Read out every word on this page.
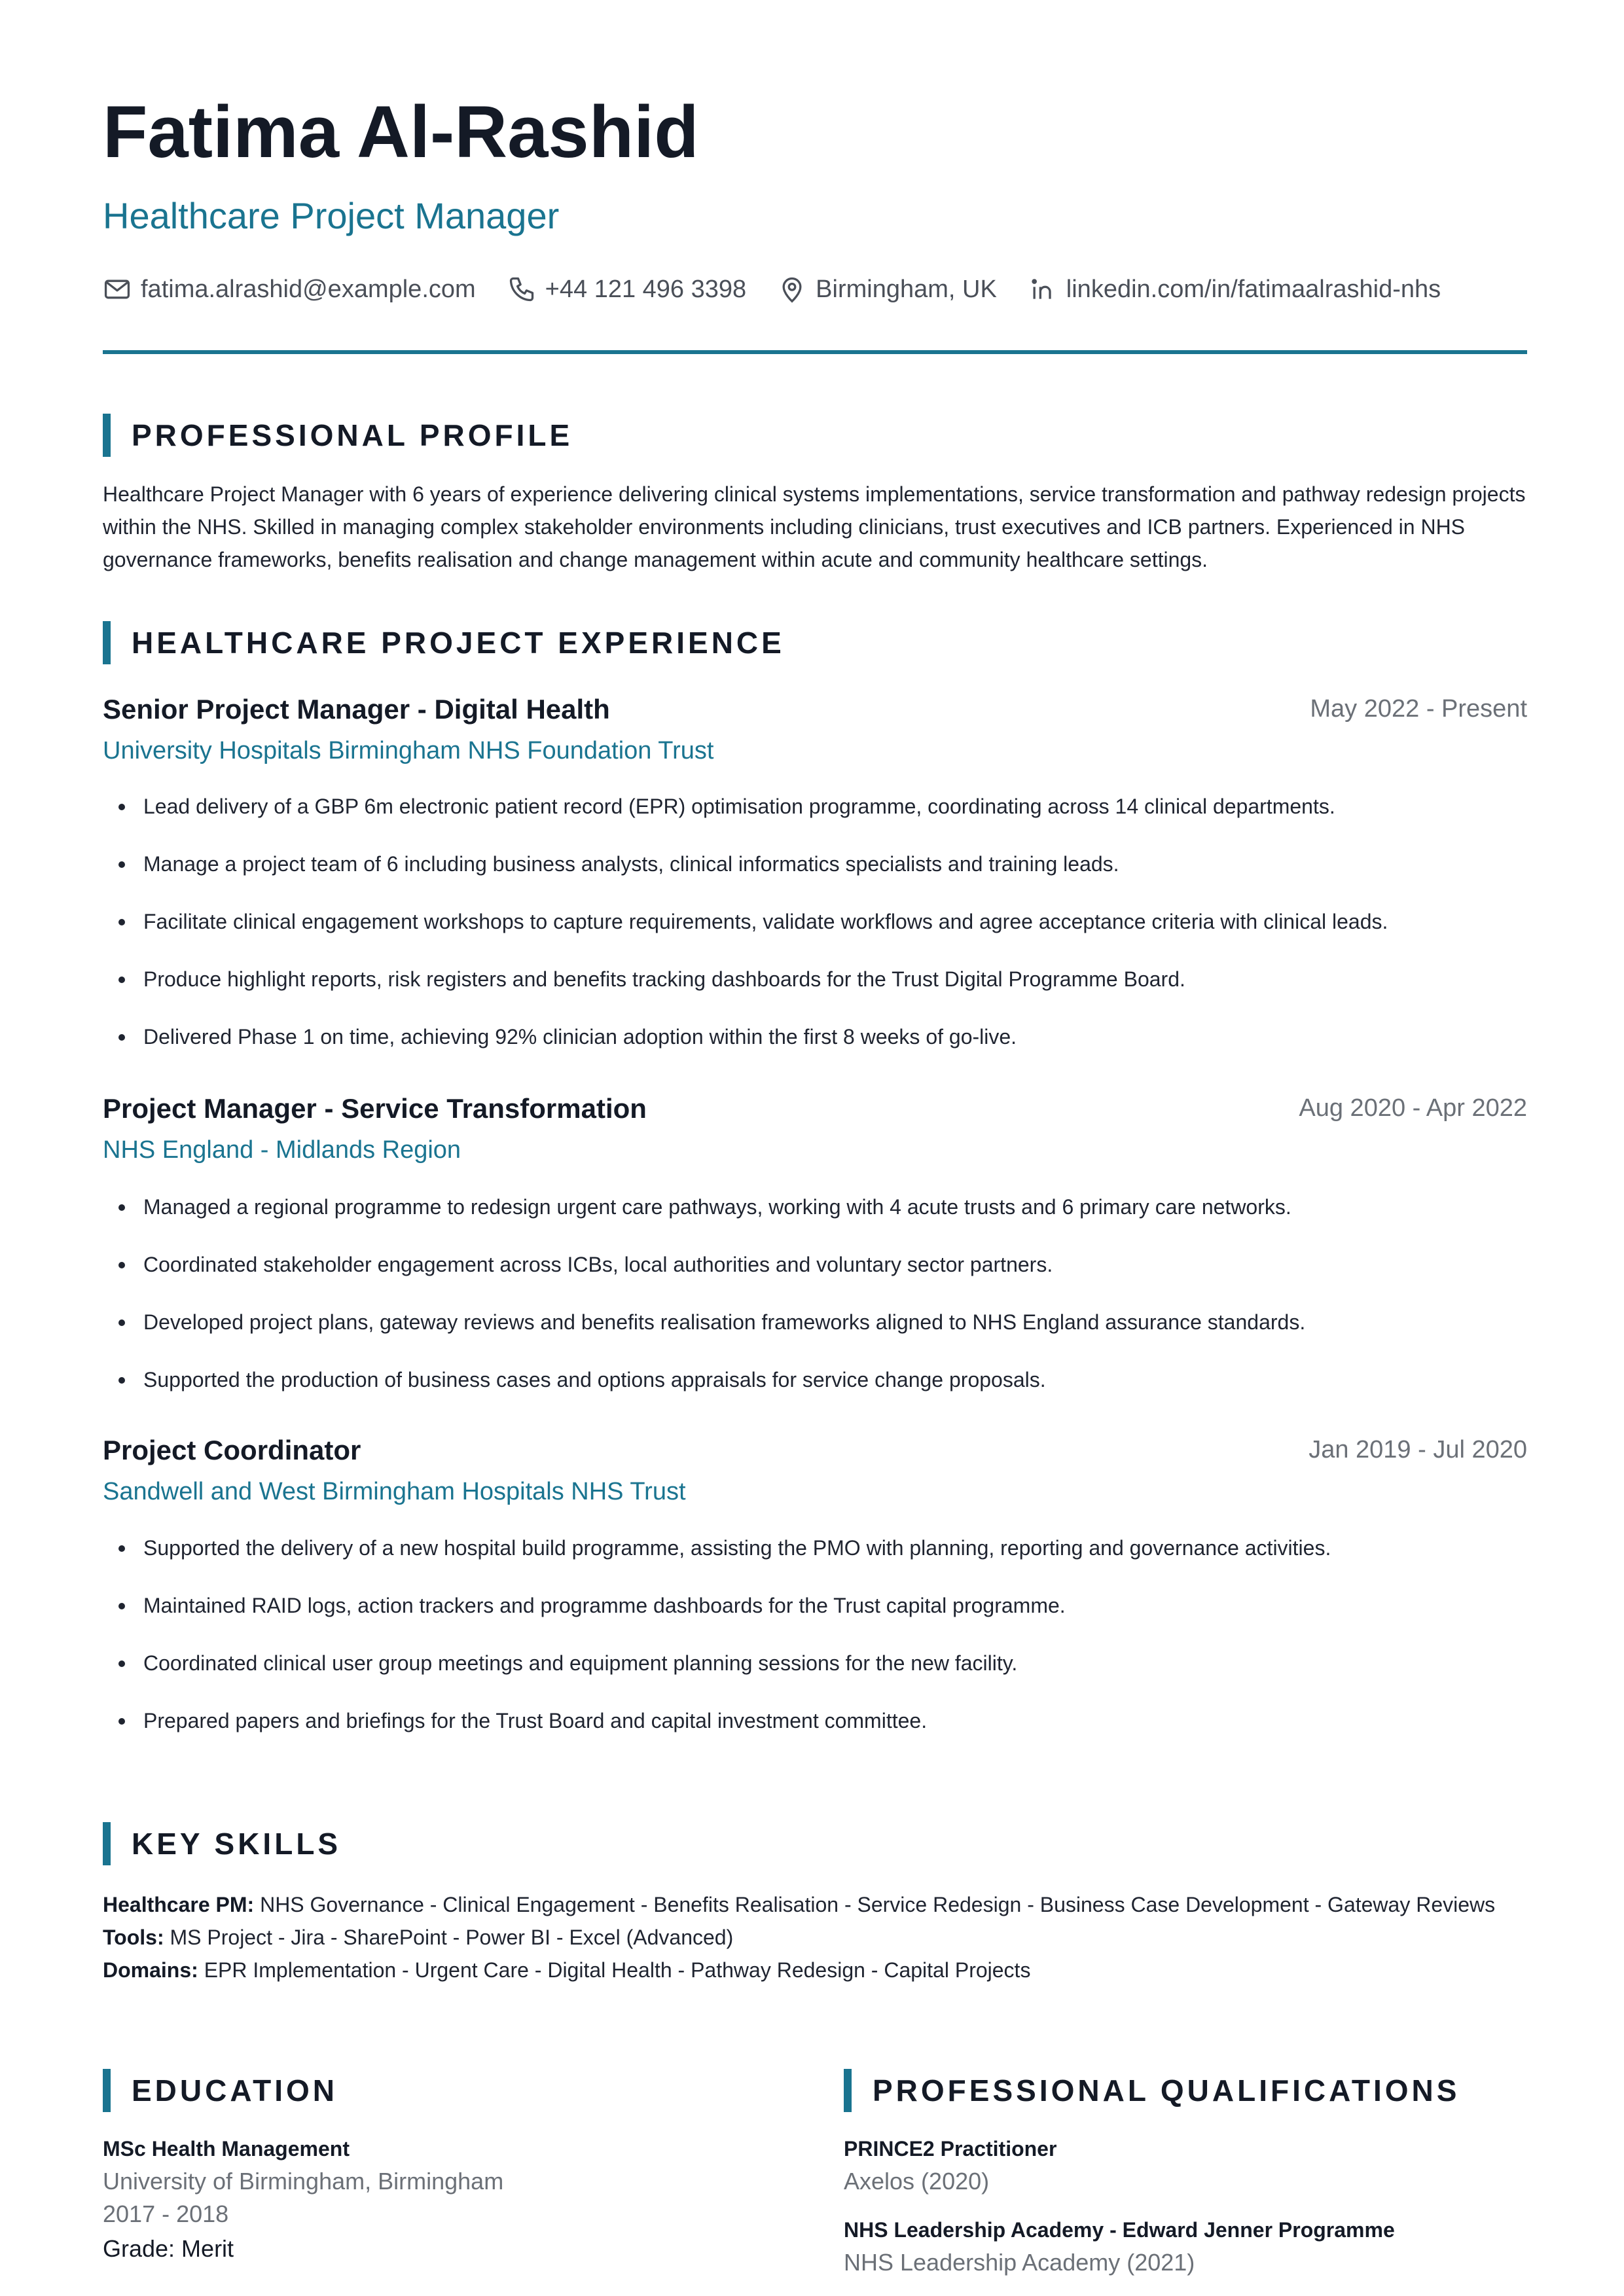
Fatima Al-Rashid
Healthcare Project Manager
fatima.alrashid@example.com	+44 121 496 3398	Birmingham, UK	linkedin.com/in/fatimaalrashid-nhs
PROFESSIONAL PROFILE
Healthcare Project Manager with 6 years of experience delivering clinical systems implementations, service transformation and pathway redesign projects within the NHS. Skilled in managing complex stakeholder environments including clinicians, trust executives and ICB partners. Experienced in NHS governance frameworks, benefits realisation and change management within acute and community healthcare settings.
HEALTHCARE PROJECT EXPERIENCE
Senior Project Manager - Digital Health	May 2022 - Present
University Hospitals Birmingham NHS Foundation Trust
Lead delivery of a GBP 6m electronic patient record (EPR) optimisation programme, coordinating across 14 clinical departments.
Manage a project team of 6 including business analysts, clinical informatics specialists and training leads.
Facilitate clinical engagement workshops to capture requirements, validate workflows and agree acceptance criteria with clinical leads.
Produce highlight reports, risk registers and benefits tracking dashboards for the Trust Digital Programme Board.
Delivered Phase 1 on time, achieving 92% clinician adoption within the first 8 weeks of go-live.
Project Manager - Service Transformation	Aug 2020 - Apr 2022
NHS England - Midlands Region
Managed a regional programme to redesign urgent care pathways, working with 4 acute trusts and 6 primary care networks.
Coordinated stakeholder engagement across ICBs, local authorities and voluntary sector partners.
Developed project plans, gateway reviews and benefits realisation frameworks aligned to NHS England assurance standards.
Supported the production of business cases and options appraisals for service change proposals.
Project Coordinator	Jan 2019 - Jul 2020
Sandwell and West Birmingham Hospitals NHS Trust
Supported the delivery of a new hospital build programme, assisting the PMO with planning, reporting and governance activities.
Maintained RAID logs, action trackers and programme dashboards for the Trust capital programme.
Coordinated clinical user group meetings and equipment planning sessions for the new facility.
Prepared papers and briefings for the Trust Board and capital investment committee.
KEY SKILLS
Healthcare PM: NHS Governance - Clinical Engagement - Benefits Realisation - Service Redesign - Business Case Development - Gateway Reviews
Tools: MS Project - Jira - SharePoint - Power BI - Excel (Advanced)
Domains: EPR Implementation - Urgent Care - Digital Health - Pathway Redesign - Capital Projects
EDUCATION
MSc Health Management
University of Birmingham, Birmingham
2017 - 2018
Grade: Merit
PROFESSIONAL QUALIFICATIONS
PRINCE2 Practitioner
Axelos (2020)
NHS Leadership Academy - Edward Jenner Programme
NHS Leadership Academy (2021)
